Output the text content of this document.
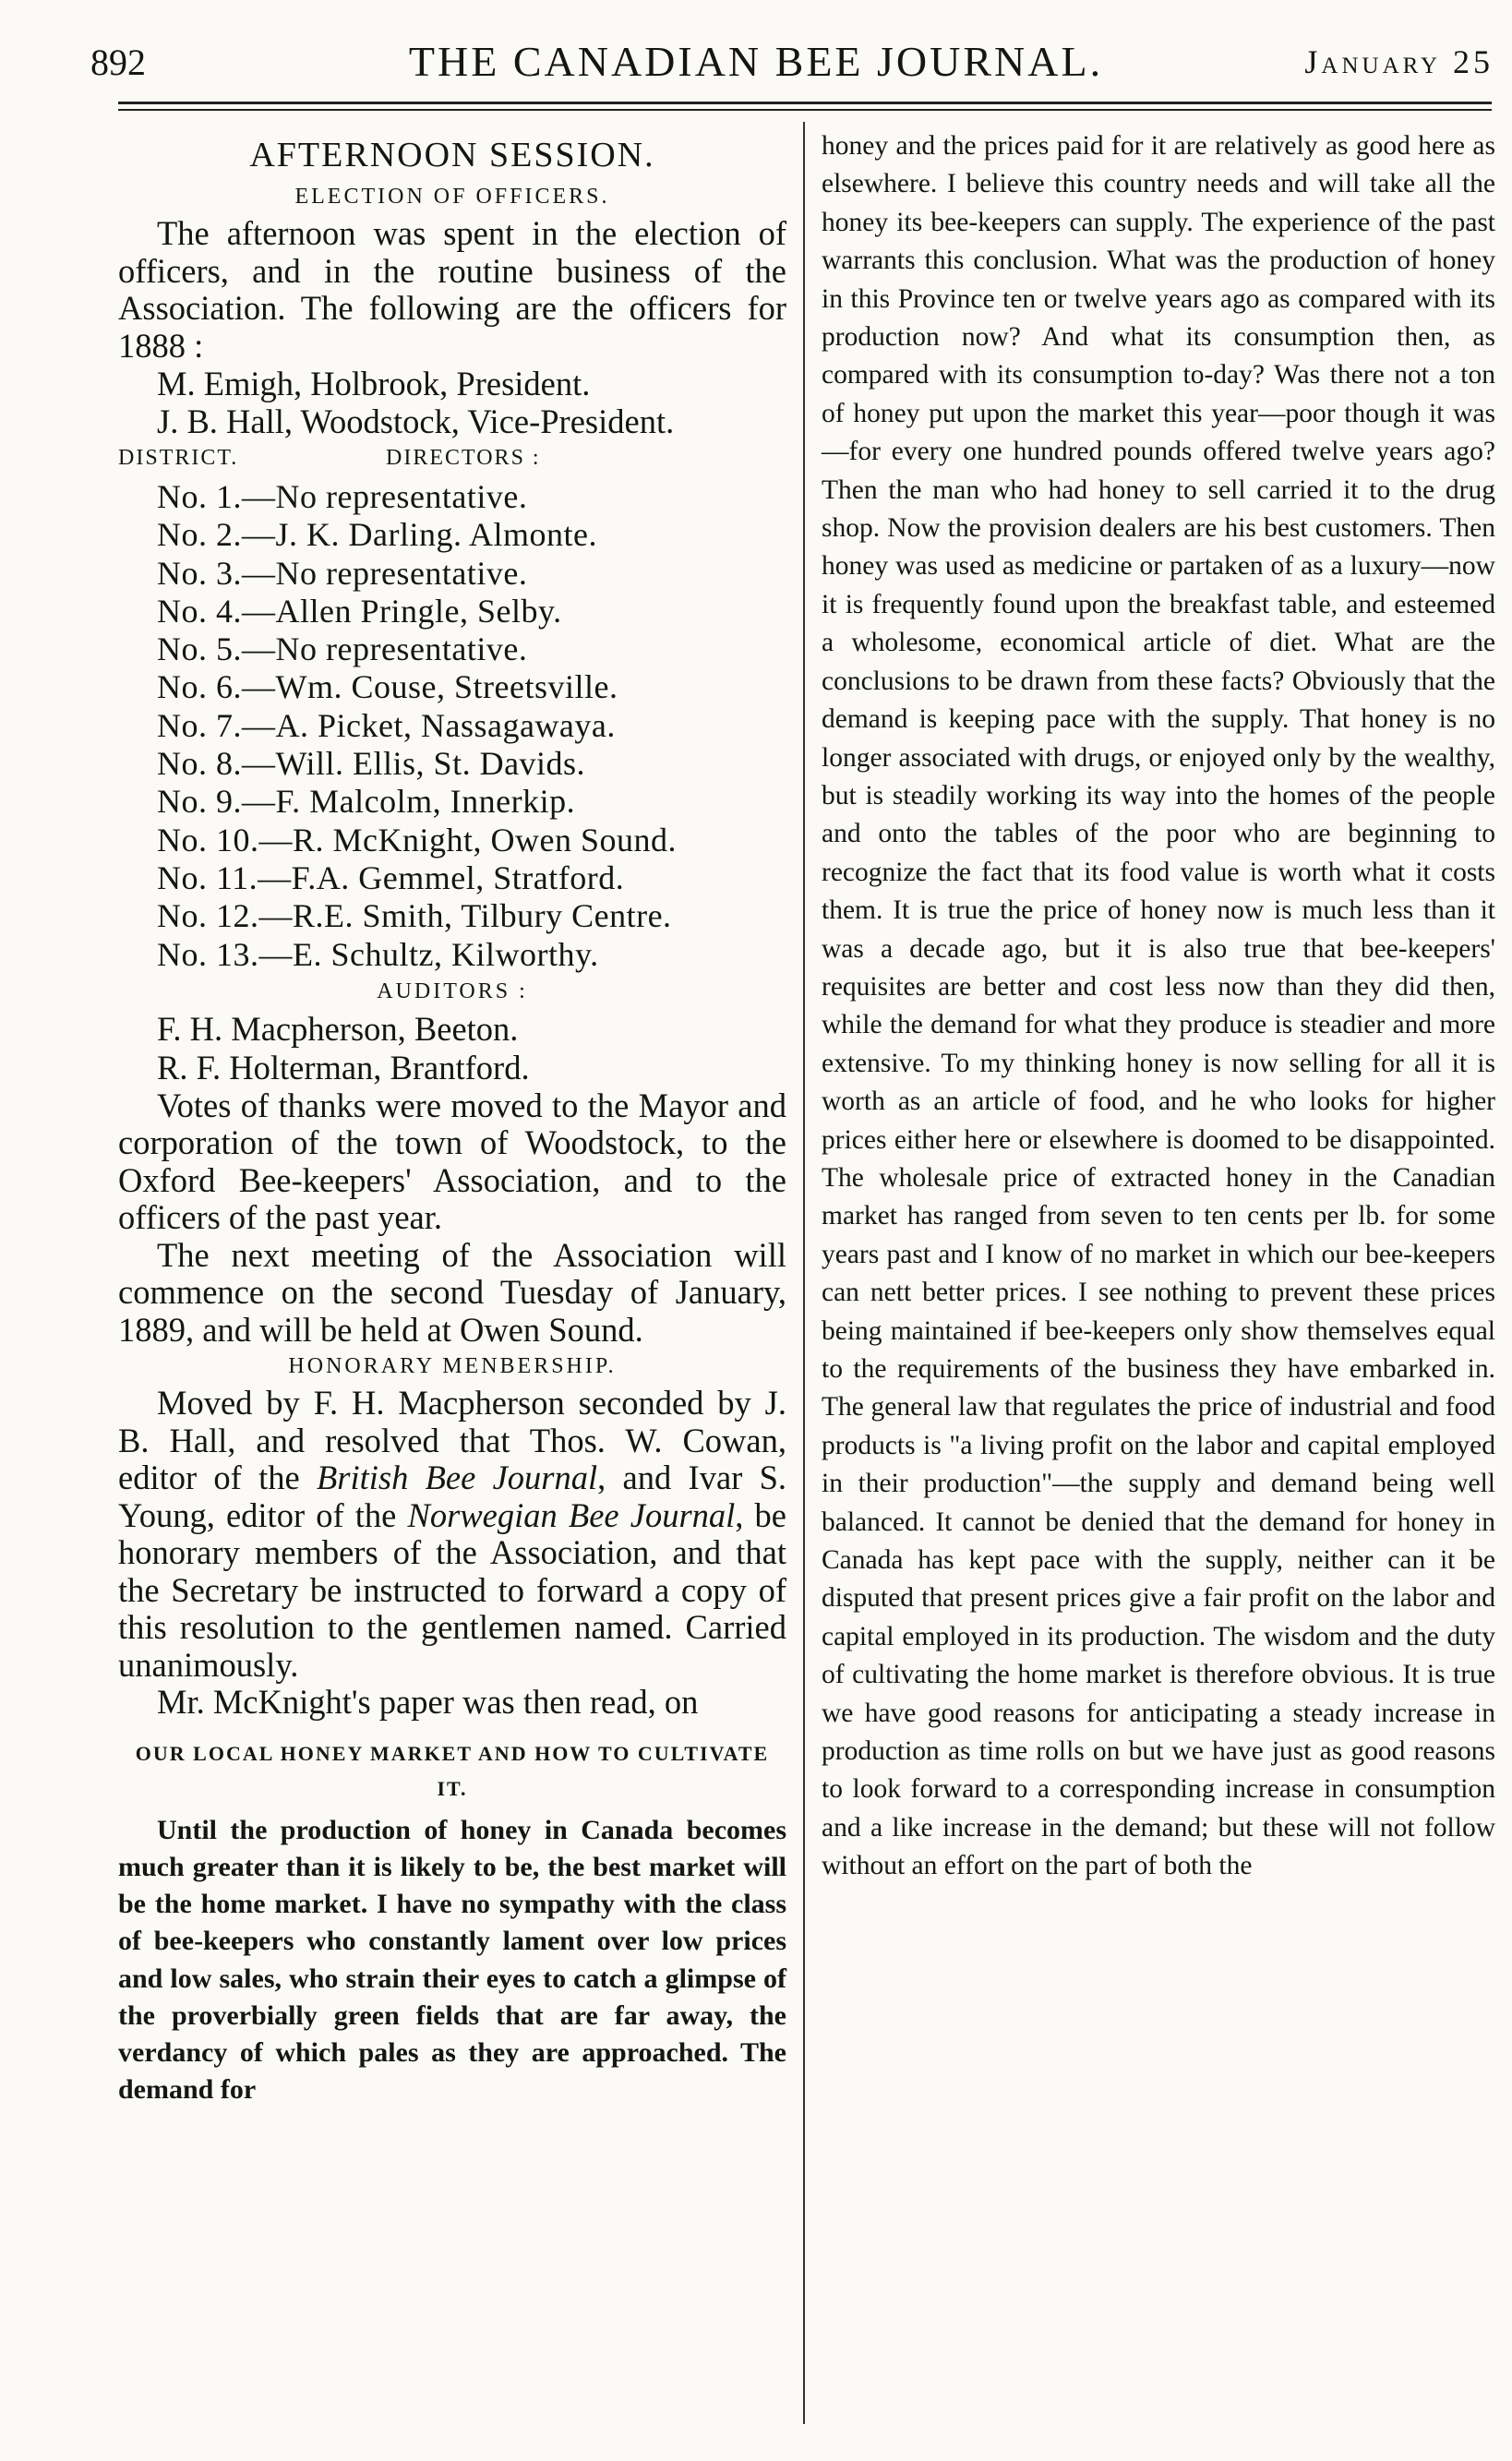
892	THE CANADIAN BEE JOURNAL.	January 25

AFTERNOON SESSION.

ELECTION OF OFFICERS.

The afternoon was spent in the election of officers, and in the routine business of the Association. The following are the officers for 1888 :

M. Emigh, Holbrook, President.
J. B. Hall, Woodstock, Vice-President.
DISTRICT.	DIRECTORS :
No. 1.—No representative.
No. 2.—J. K. Darling. Almonte.
No. 3.—No representative.
No. 4.—Allen Pringle, Selby.
No. 5.—No representative.
No. 6.—Wm. Couse, Streetsville.
No. 7.—A. Picket, Nassagawaya.
No. 8.—Will. Ellis, St. Davids.
No. 9.—F. Malcolm, Innerkip.
No. 10.—R. McKnight, Owen Sound.
No. 11.—F.A. Gemmel, Stratford.
No. 12.—R.E. Smith, Tilbury Centre.
No. 13.—E. Schultz, Kilworthy.

AUDITORS :

F. H. Macpherson, Beeton.
R. F. Holterman, Brantford.

Votes of thanks were moved to the Mayor and corporation of the town of Woodstock, to the Oxford Bee-keepers' Association, and to the officers of the past year.

The next meeting of the Association will commence on the second Tuesday of January, 1889, and will be held at Owen Sound.

HONORARY MENBERSHIP.

Moved by F. H. Macpherson seconded by J. B. Hall, and resolved that Thos. W. Cowan, editor of the British Bee Journal, and Ivar S. Young, editor of the Norwegian Bee Journal, be honorary members of the Association, and that the Secretary be instructed to forward a copy of this resolution to the gentlemen named. Carried unanimously.

Mr. McKnight's paper was then read, on

OUR LOCAL HONEY MARKET AND HOW TO CULTIVATE IT.

Until the production of honey in Canada becomes much greater than it is likely to be, the best market will be the home market. I have no sympathy with the class of bee-keepers who constantly lament over low prices and low sales, who strain their eyes to catch a glimpse of the proverbially green fields that are far away, the verdancy of which pales as they are approached. The demand for

honey and the prices paid for it are relatively as good here as elsewhere. I believe this country needs and will take all the honey its bee-keepers can supply. The experience of the past warrants this conclusion. What was the production of honey in this Province ten or twelve years ago as compared with its production now? And what its consumption then, as compared with its consumption to-day? Was there not a ton of honey put upon the market this year—poor though it was—for every one hundred pounds offered twelve years ago? Then the man who had honey to sell carried it to the drug shop. Now the provision dealers are his best customers. Then honey was used as medicine or partaken of as a luxury—now it is frequently found upon the breakfast table, and esteemed a wholesome, economical article of diet. What are the conclusions to be drawn from these facts? Obviously that the demand is keeping pace with the supply. That honey is no longer associated with drugs, or enjoyed only by the wealthy, but is steadily working its way into the homes of the people and onto the tables of the poor who are beginning to recognize the fact that its food value is worth what it costs them. It is true the price of honey now is much less than it was a decade ago, but it is also true that bee-keepers' requisites are better and cost less now than they did then, while the demand for what they produce is steadier and more extensive. To my thinking honey is now selling for all it is worth as an article of food, and he who looks for higher prices either here or elsewhere is doomed to be disappointed. The wholesale price of extracted honey in the Canadian market has ranged from seven to ten cents per lb. for some years past and I know of no market in which our bee-keepers can nett better prices. I see nothing to prevent these prices being maintained if bee-keepers only show themselves equal to the requirements of the business they have embarked in. The general law that regulates the price of industrial and food products is "a living profit on the labor and capital employed in their production"—the supply and demand being well balanced. It cannot be denied that the demand for honey in Canada has kept pace with the supply, neither can it be disputed that present prices give a fair profit on the labor and capital employed in its production. The wisdom and the duty of cultivating the home market is therefore obvious. It is true we have good reasons for anticipating a steady increase in production as time rolls on but we have just as good reasons to look forward to a corresponding increase in consumption and a like increase in the demand; but these will not follow without an effort on the part of both the
